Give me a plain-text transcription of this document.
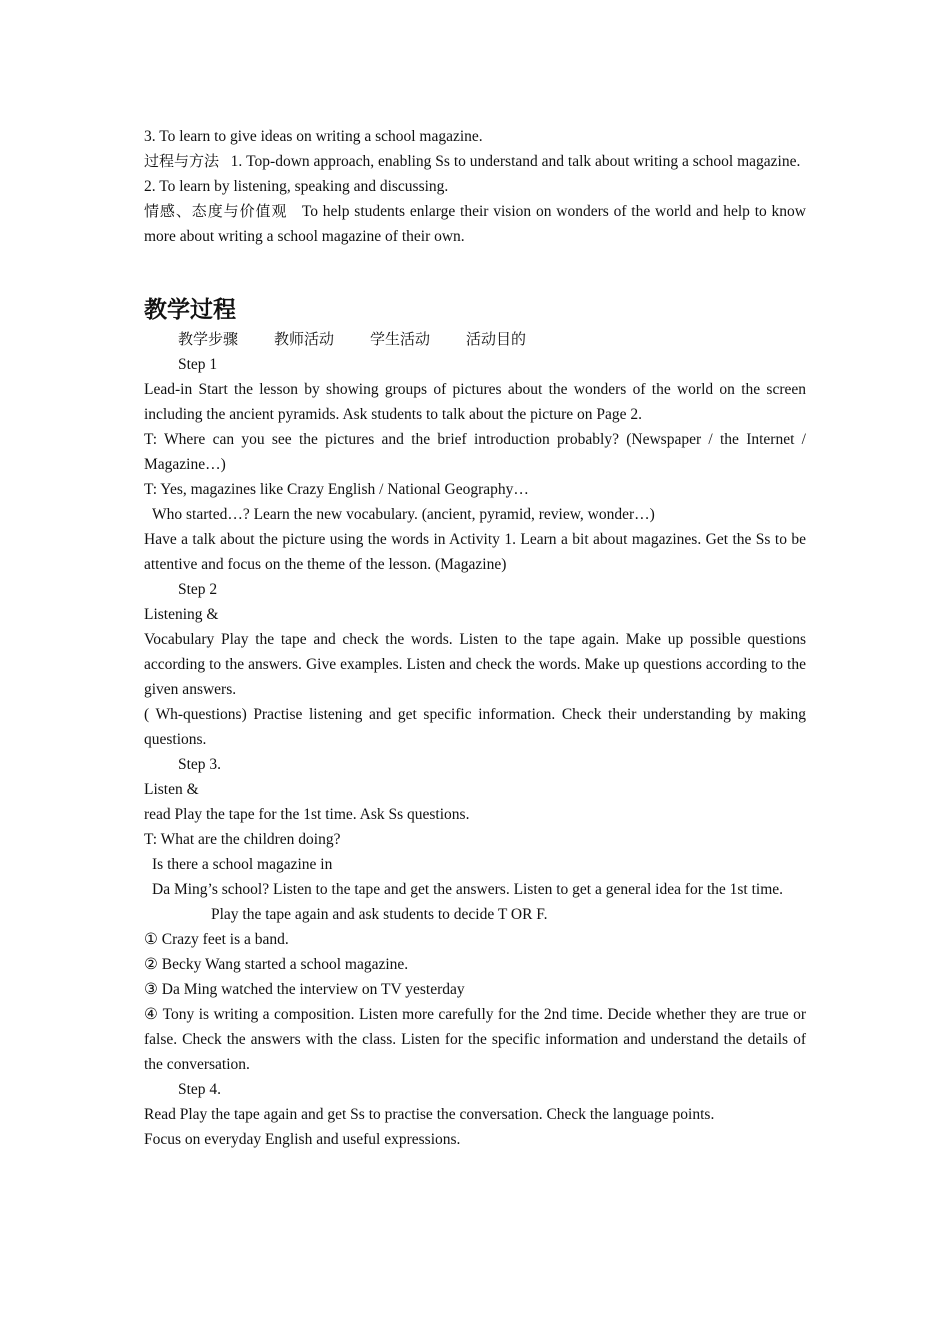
3. To learn to give ideas on writing a school magazine.

过程与方法 1. Top-down approach, enabling Ss to understand and talk about writing a school magazine.

2. To learn by listening, speaking and discussing.

情感、态度与价值观 To help students enlarge their vision on wonders of the world and help to know more about writing a school magazine of their own.

教学过程
教学步骤 教师活动 学生活动 活动目的

Step 1

Lead-in Start the lesson by showing groups of pictures about the wonders of the world on the screen including the ancient pyramids. Ask students to talk about the picture on Page 2.

T: Where can you see the pictures and the brief introduction probably? (Newspaper / the Internet / Magazine…)

T: Yes, magazines like Crazy English / National Geography…

Who started…? Learn the new vocabulary. (ancient, pyramid, review, wonder…)

Have a talk about the picture using the words in Activity 1. Learn a bit about magazines. Get the Ss to be attentive and focus on the theme of the lesson. (Magazine)

Step 2

Listening &

Vocabulary Play the tape and check the words. Listen to the tape again. Make up possible questions according to the answers. Give examples. Listen and check the words. Make up questions according to the given answers.

( Wh-questions) Practise listening and get specific information. Check their understanding by making questions.

Step 3.

Listen &

read Play the tape for the 1st time. Ask Ss questions.

T: What are the children doing?

Is there a school magazine in

Da Ming’s school? Listen to the tape and get the answers. Listen to get a general idea for the 1st time.

Play the tape again and ask students to decide T OR F.

① Crazy feet is a band.

② Becky Wang started a school magazine.

③ Da Ming watched the interview on TV yesterday

④ Tony is writing a composition. Listen more carefully for the 2nd time. Decide whether they are true or false. Check the answers with the class. Listen for the specific information and understand the details of the conversation.

Step 4.

Read Play the tape again and get Ss to practise the conversation. Check the language points.

Focus on everyday English and useful expressions.
